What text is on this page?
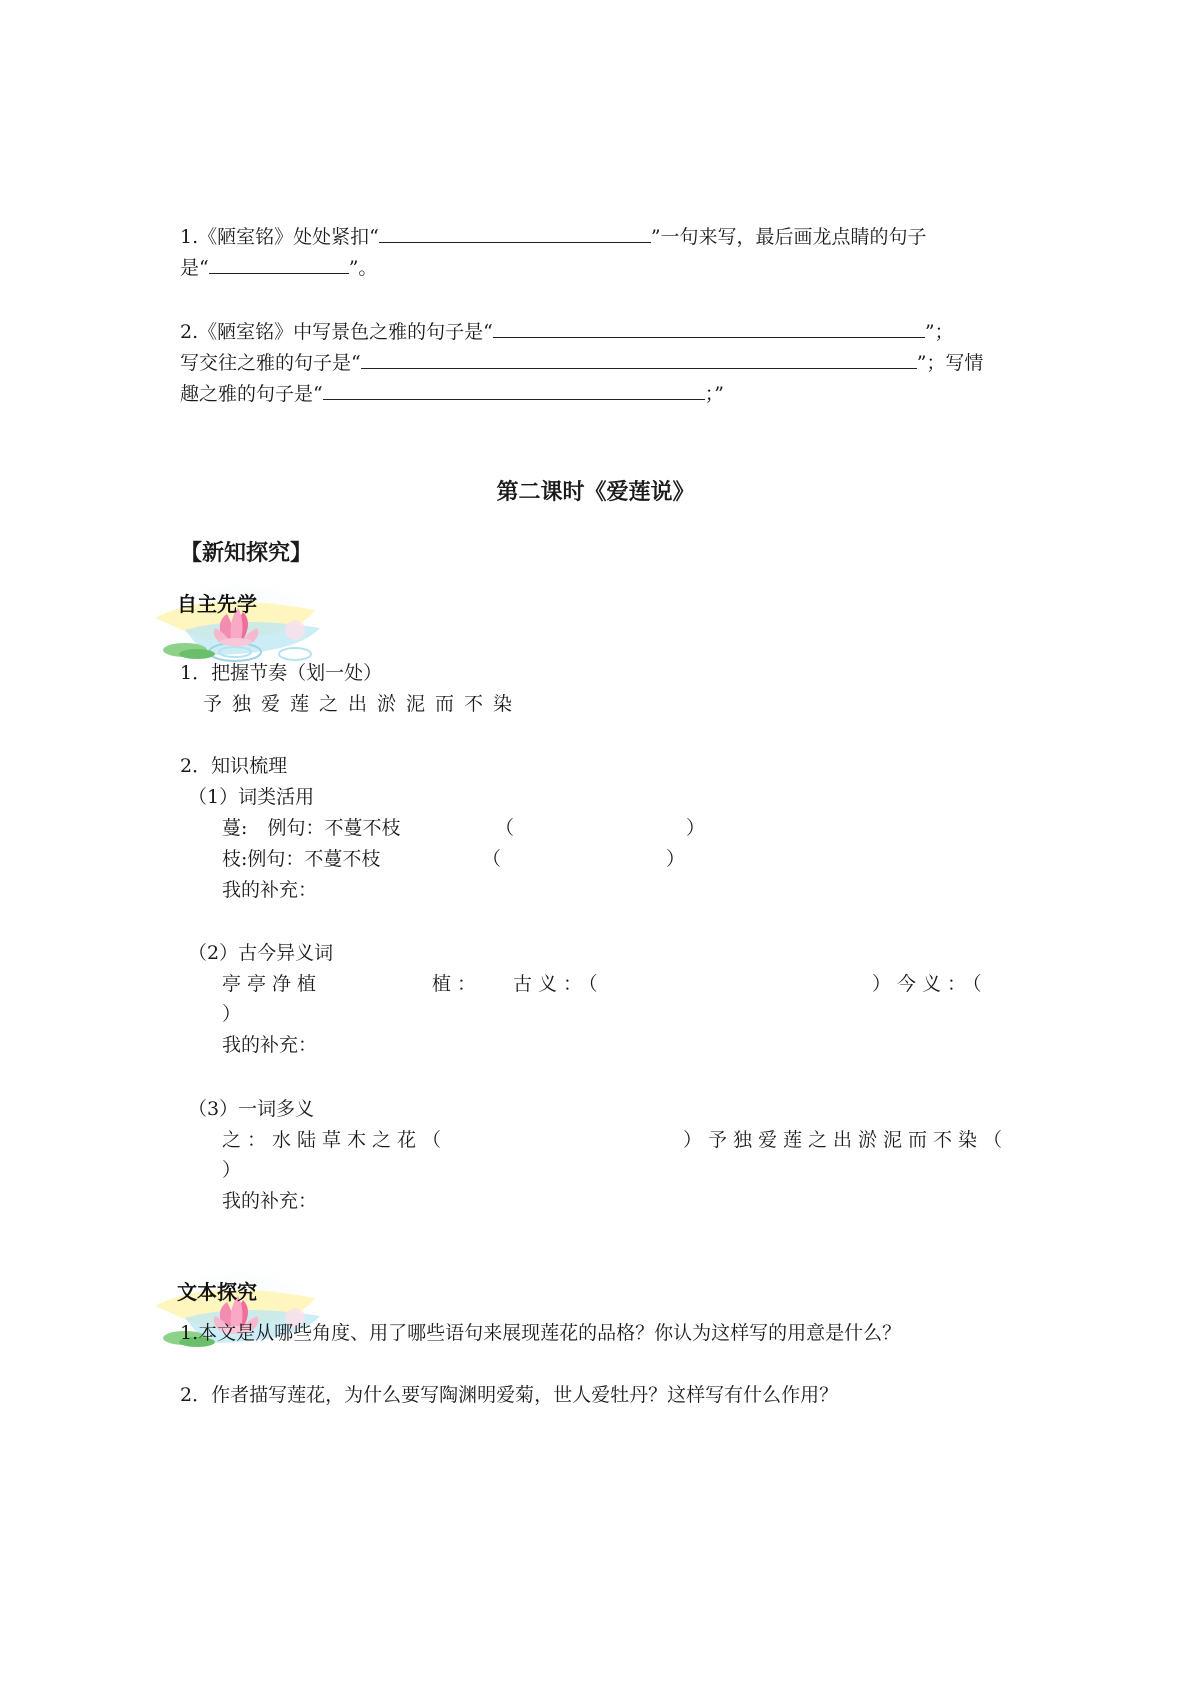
1.《陋室铭》处处紧扣“	”一句来写，最后画龙点睛的句子
是“	”。
2.《陋室铭》中写景色之雅的句子是“	”；
写交往之雅的句子是“	”；写情
趣之雅的句子是“	；”
第二课时《爱莲说》
【新知探究】
自主先学
1．把握节奏（划一处）
予独爱莲之出淤泥而不染
2．知识梳理
（1）词类活用
蔓: 例句：不蔓不枝	（	）
枝:例句：不蔓不枝	（	）
我的补充：
（2）古今异义词
亭亭净植	植： 古义：（	）今义：（
）
我的补充：
（3）一词多义
之：水陆草木之花（	）予独爱莲之出淤泥而不染（
）
我的补充：
文本探究
1.本文是从哪些角度、用了哪些语句来展现莲花的品格？你认为这样写的用意是什么？
2．作者描写莲花，为什么要写陶渊明爱菊，世人爱牡丹？这样写有什么作用？
